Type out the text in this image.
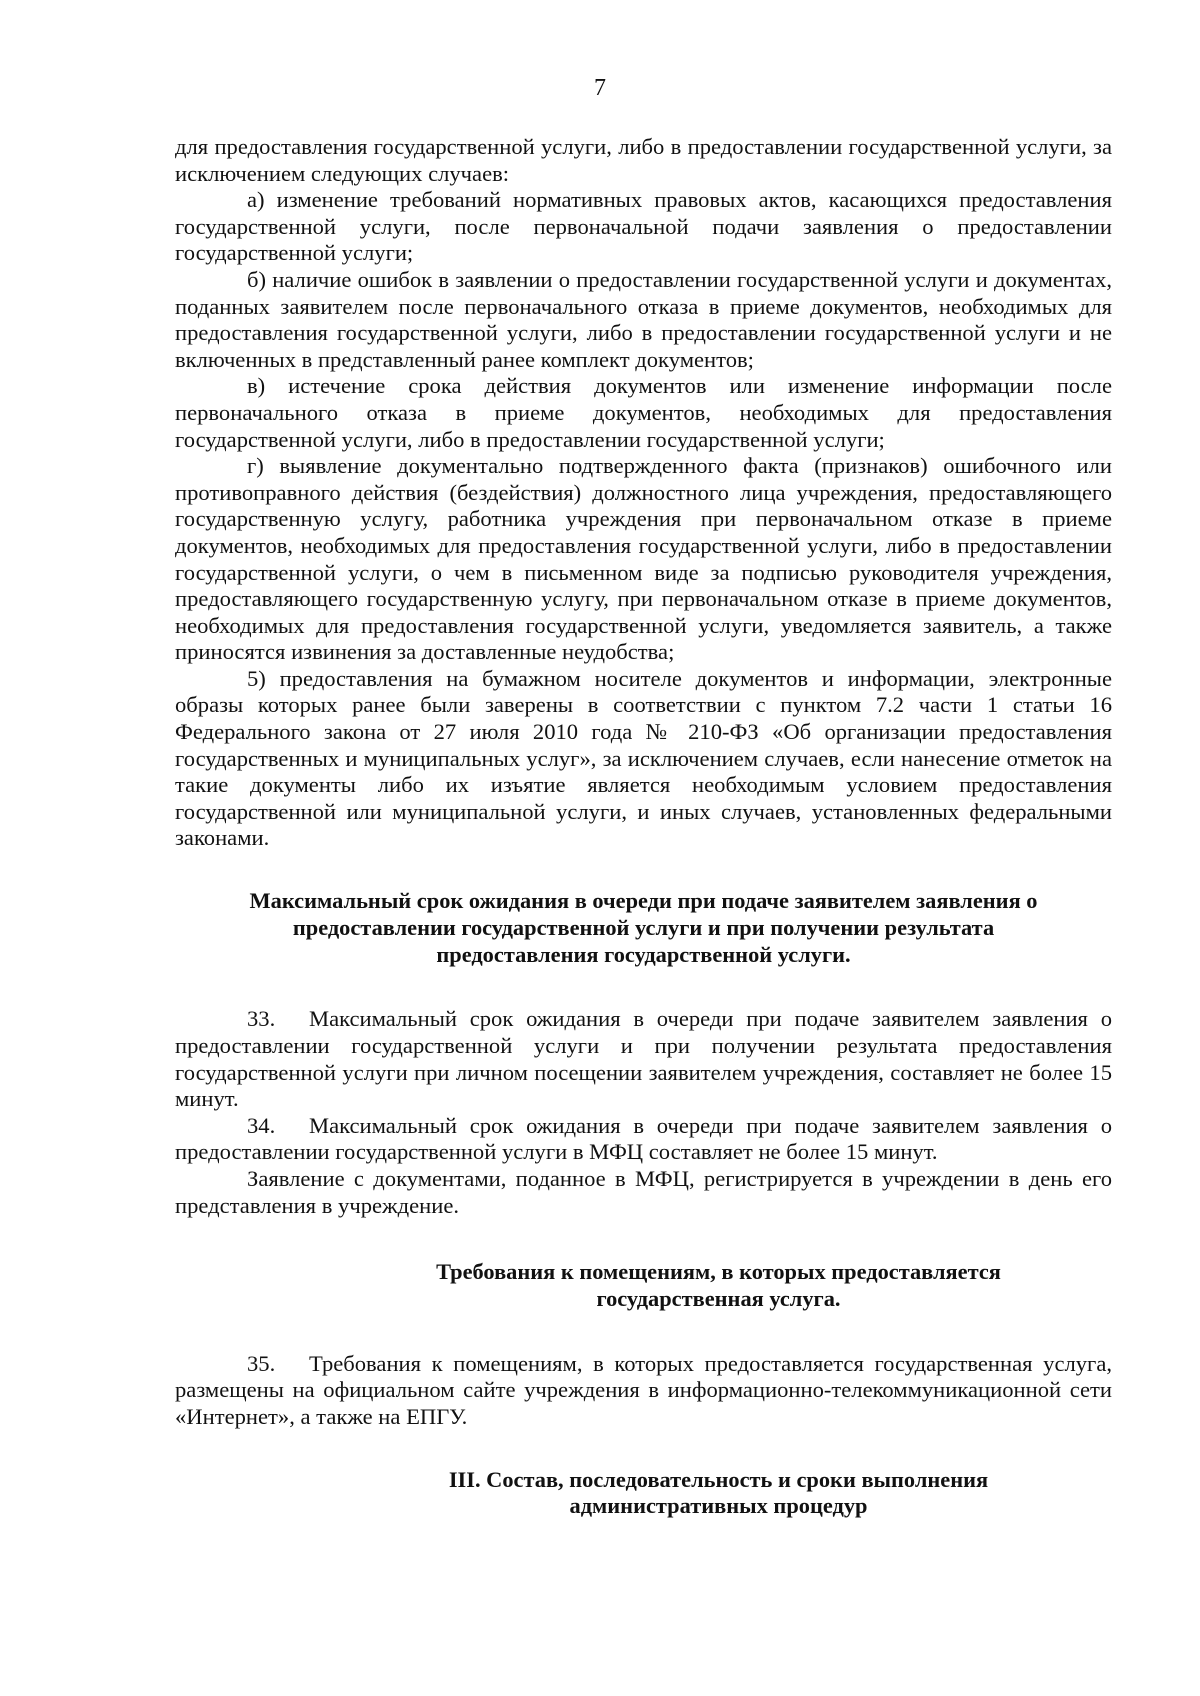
7

для предоставления государственной услуги, либо в предоставлении государственной услуги, за исключением следующих случаев:

а) изменение требований нормативных правовых актов, касающихся предоставления государственной услуги, после первоначальной подачи заявления о предоставлении государственной услуги;

б) наличие ошибок в заявлении о предоставлении государственной услуги и документах, поданных заявителем после первоначального отказа в приеме документов, необходимых для предоставления государственной услуги, либо в предоставлении государственной услуги и не включенных в представленный ранее комплект документов;

в) истечение срока действия документов или изменение информации после первоначального отказа в приеме документов, необходимых для предоставления государственной услуги, либо в предоставлении государственной услуги;

г) выявление документально подтвержденного факта (признаков) ошибочного или противоправного действия (бездействия) должностного лица учреждения, предоставляющего государственную услугу, работника учреждения при первоначальном отказе в приеме документов, необходимых для предоставления государственной услуги, либо в предоставлении государственной услуги, о чем в письменном виде за подписью руководителя учреждения, предоставляющего государственную услугу, при первоначальном отказе в приеме документов, необходимых для предоставления государственной услуги, уведомляется заявитель, а также приносятся извинения за доставленные неудобства;

5) предоставления на бумажном носителе документов и информации, электронные образы которых ранее были заверены в соответствии с пунктом 7.2 части 1 статьи 16 Федерального закона от 27 июля 2010 года № 210-ФЗ «Об организации предоставления государственных и муниципальных услуг», за исключением случаев, если нанесение отметок на такие документы либо их изъятие является необходимым условием предоставления государственной или муниципальной услуги, и иных случаев, установленных федеральными законами.

Максимальный срок ожидания в очереди при подаче заявителем заявления о

предоставлении государственной услуги и при получении результата

предоставления государственной услуги.

33. Максимальный срок ожидания в очереди при подаче заявителем заявления о предоставлении государственной услуги и при получении результата предоставления государственной услуги при личном посещении заявителем учреждения, составляет не более 15 минут.

34. Максимальный срок ожидания в очереди при подаче заявителем заявления о предоставлении государственной услуги в МФЦ составляет не более 15 минут.

Заявление с документами, поданное в МФЦ, регистрируется в учреждении в день его представления в учреждение.

Требования к помещениям, в которых предоставляется

государственная услуга.

35. Требования к помещениям, в которых предоставляется государственная услуга, размещены на официальном сайте учреждения в информационно-телекоммуникационной сети «Интернет», а также на ЕПГУ.

III. Состав, последовательность и сроки выполнения

административных процедур
